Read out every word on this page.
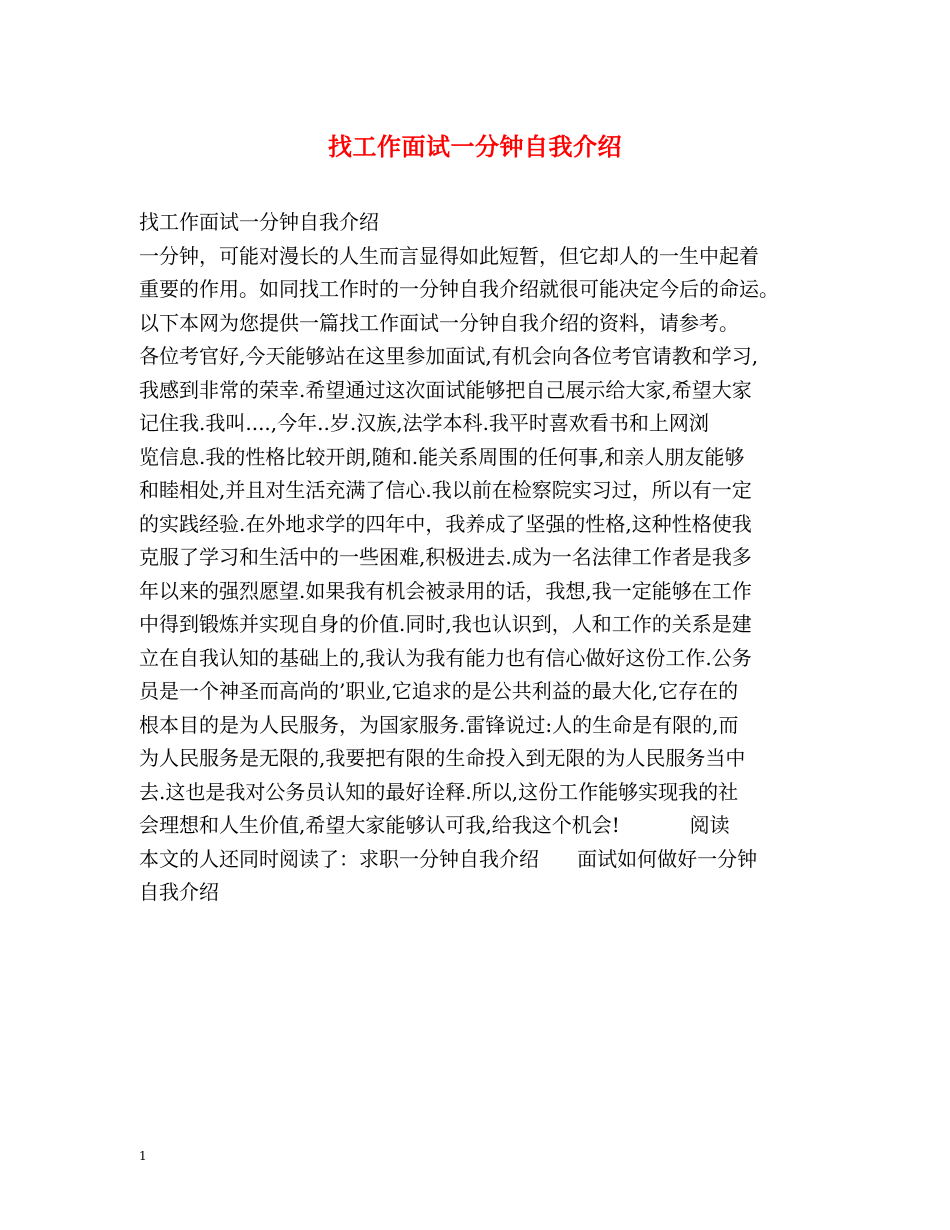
找工作面试一分钟自我介绍
找工作面试一分钟自我介绍
一分钟，可能对漫长的人生而言显得如此短暂，但它却人的一生中起着
重要的作用。如同找工作时的一分钟自我介绍就很可能决定今后的命运。
以下本网为您提供一篇找工作面试一分钟自我介绍的资料，请参考。
各位考官好,今天能够站在这里参加面试,有机会向各位考官请教和学习,
我感到非常的荣幸.希望通过这次面试能够把自己展示给大家,希望大家
记住我.我叫....,今年..岁.汉族,法学本科.我平时喜欢看书和上网浏
览信息.我的性格比较开朗,随和.能关系周围的任何事,和亲人朋友能够
和睦相处,并且对生活充满了信心.我以前在检察院实习过，所以有一定
的实践经验.在外地求学的四年中，我养成了坚强的性格,这种性格使我
克服了学习和生活中的一些困难,积极进去.成为一名法律工作者是我多
年以来的强烈愿望.如果我有机会被录用的话，我想,我一定能够在工作
中得到锻炼并实现自身的价值.同时,我也认识到，人和工作的关系是建
立在自我认知的基础上的,我认为我有能力也有信心做好这份工作.公务
员是一个神圣而高尚的’职业,它追求的是公共利益的最大化,它存在的
根本目的是为人民服务，为国家服务.雷锋说过:人的生命是有限的,而
为人民服务是无限的,我要把有限的生命投入到无限的为人民服务当中
去.这也是我对公务员认知的最好诠释.所以,这份工作能够实现我的社
会理想和人生价值,希望大家能够认可我,给我这个机会!           阅读
本文的人还同时阅读了：求职一分钟自我介绍      面试如何做好一分钟
自我介绍
1
